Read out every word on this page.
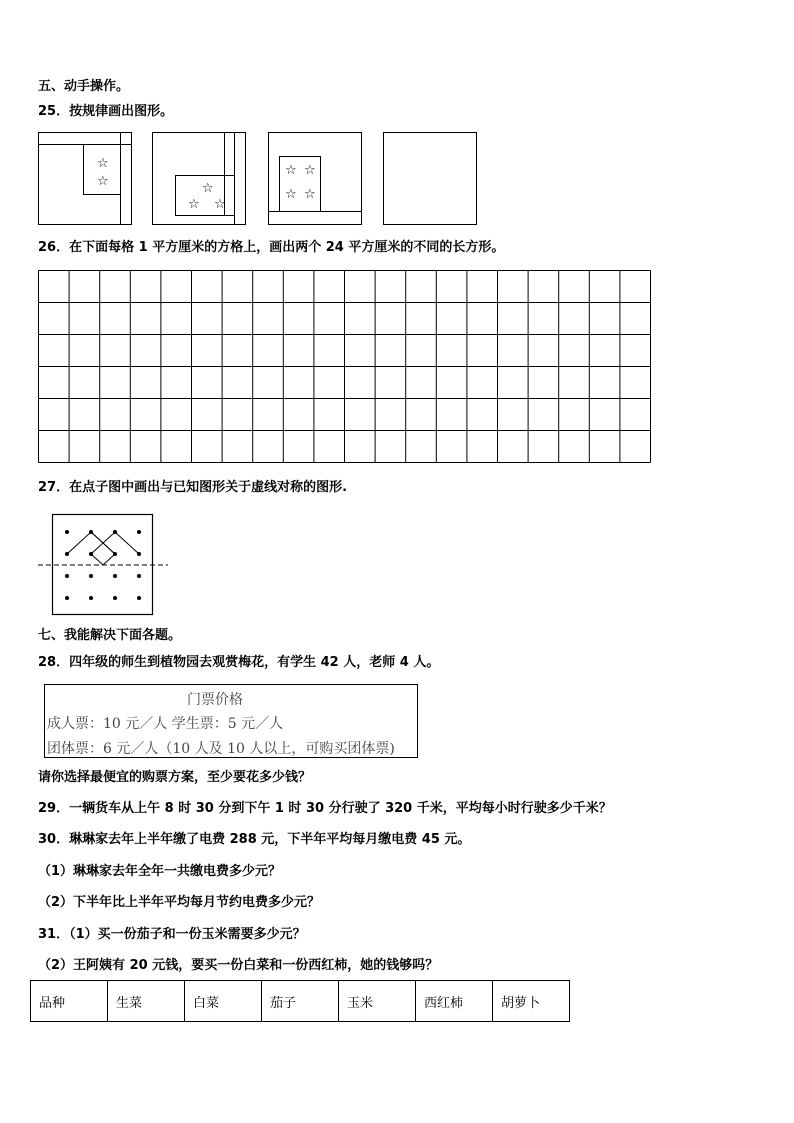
五、动手操作。
25．按规律画出图形。
☆
☆	☆
☆ ☆
☆ ☆
☆ ☆
26．在下面每格 1 平方厘米的方格上，画出两个 24 平方厘米的不同的长方形。
27．在点子图中画出与已知图形关于虚线对称的图形.
七、我能解决下面各题。
28．四年级的师生到植物园去观赏梅花，有学生 42 人，老师 4 人。
门票价格
成人票：10 元／人 学生票：5 元／人
团体票：6 元／人（10 人及 10 人以上，可购买团体票)
请你选择最便宜的购票方案，至少要花多少钱？
29．一辆货车从上午 8 时 30 分到下午 1 时 30 分行驶了 320 千米，平均每小时行驶多少千米？
30．琳琳家去年上半年缴了电费 288 元，下半年平均每月缴电费 45 元。
（1）琳琳家去年全年一共缴电费多少元？
（2）下半年比上半年平均每月节约电费多少元？
31．（1）买一份茄子和一份玉米需要多少元？
（2）王阿姨有 20 元钱，要买一份白菜和一份西红柿，她的钱够吗？
品种	生菜	白菜	茄子	玉米	西红柿	胡萝卜
